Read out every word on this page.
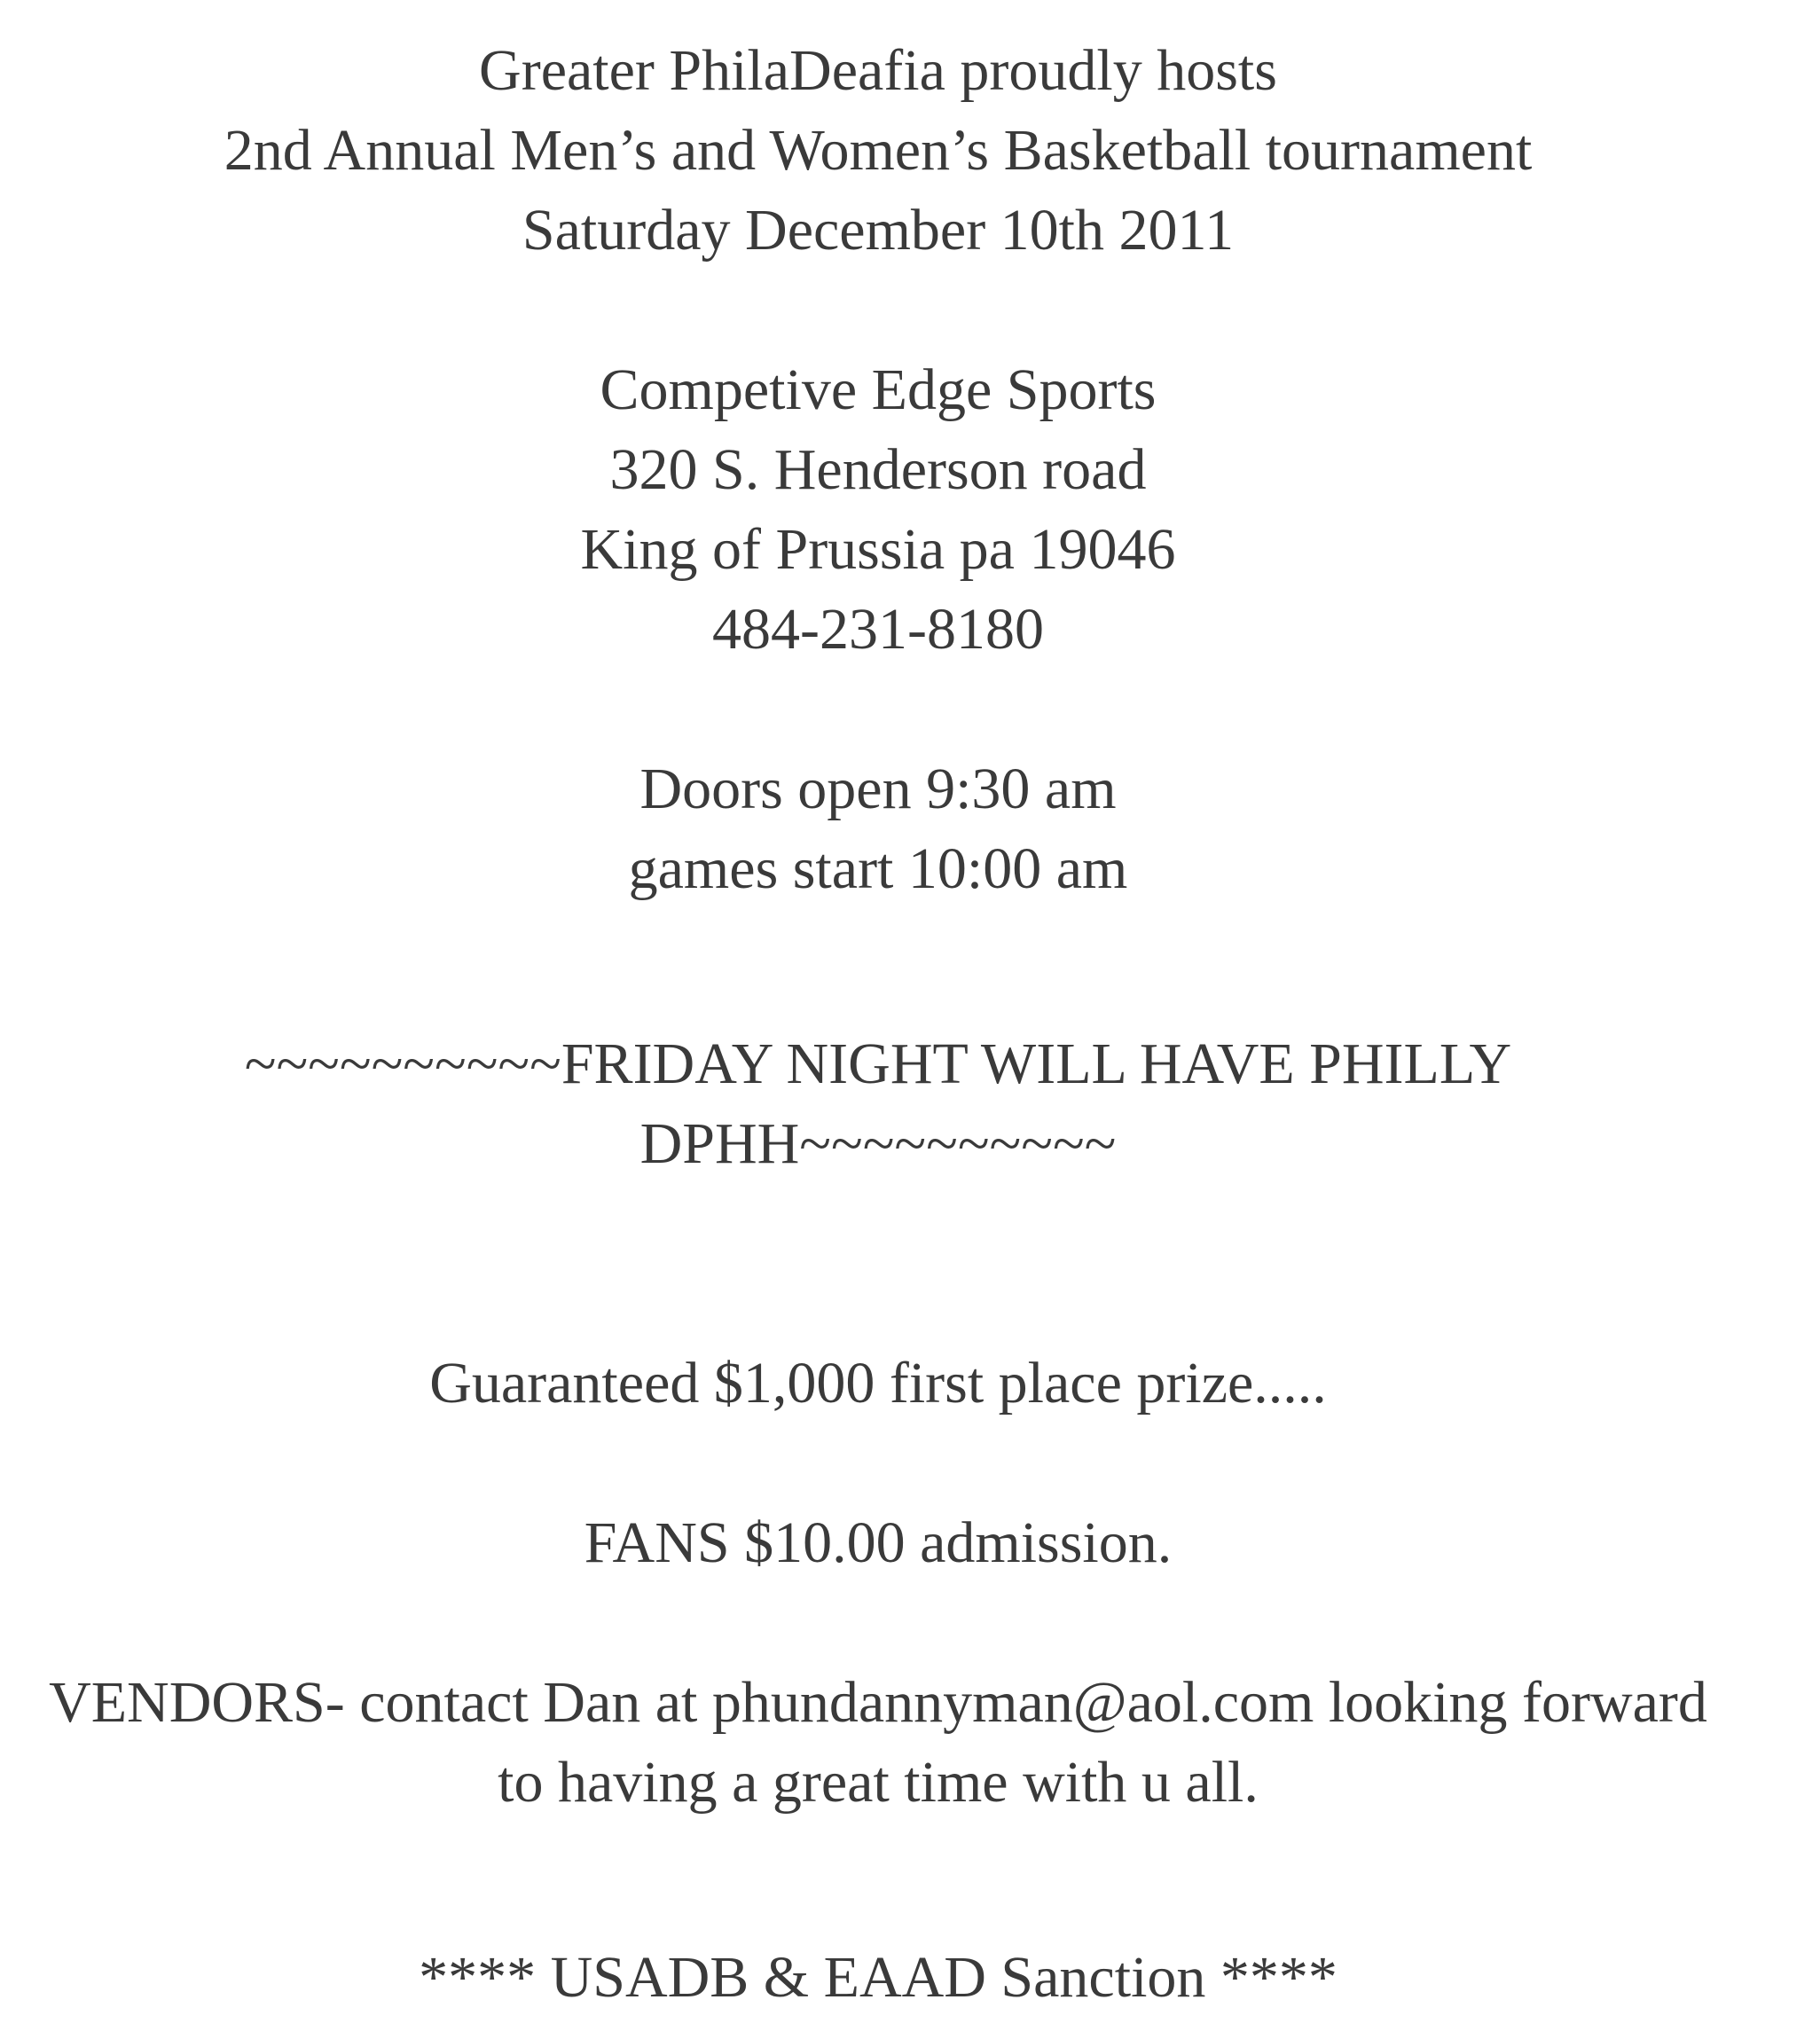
Greater PhilaDeafia proudly hosts
2nd Annual Men’s and Women’s Basketball tournament
Saturday December 10th 2011
Competive Edge Sports
320 S. Henderson road
King of Prussia pa 19046
484-231-8180
Doors open 9:30 am
games start 10:00 am
~~~~~~~~~~FRIDAY NIGHT WILL HAVE PHILLY
DPHH~~~~~~~~~~
Guaranteed $1,000 first place prize.....
FANS $10.00 admission.
VENDORS- contact Dan at phundannyman@aol.com looking forward
to having a great time with u all.
**** USADB & EAAD Sanction ****
